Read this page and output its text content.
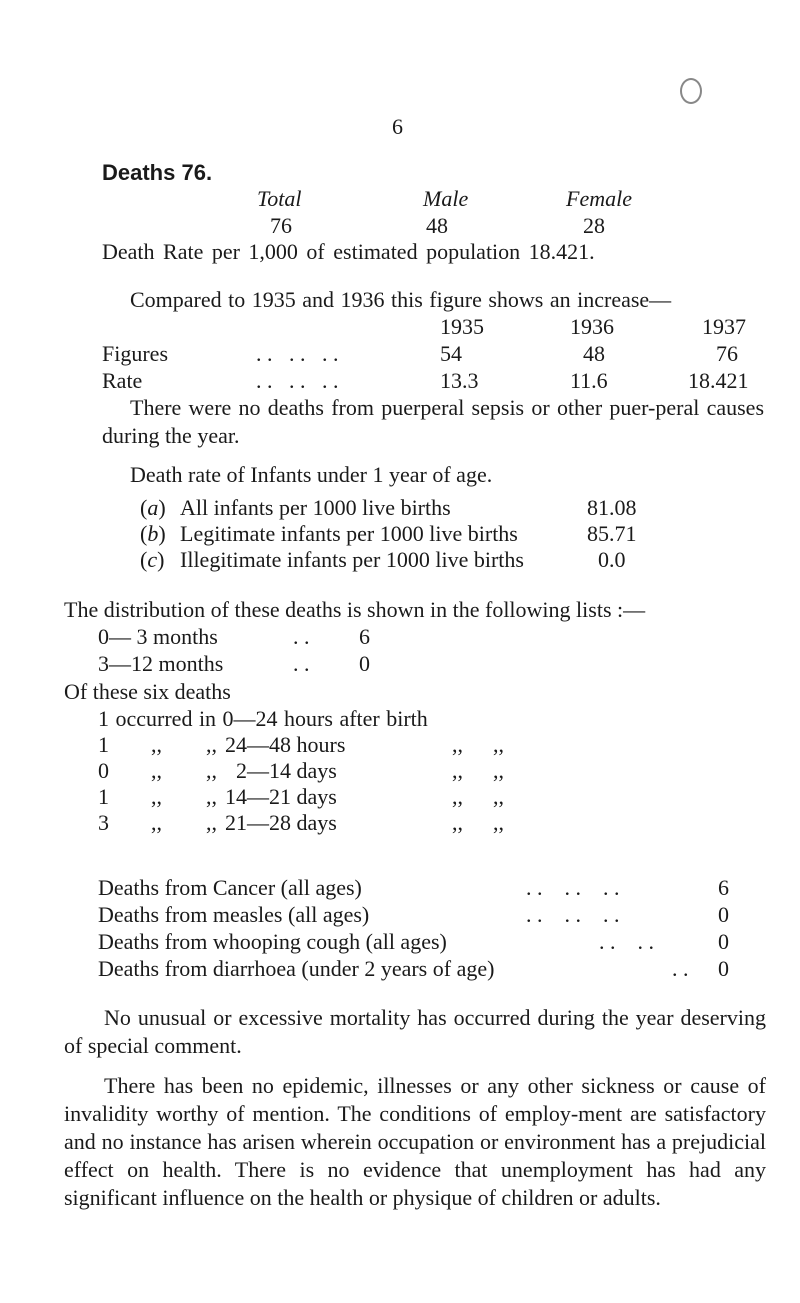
6
Deaths 76.
Total	Male	Female
76	48	28
Death Rate per 1,000 of estimated population 18.421.
Compared to 1935 and 1936 this figure shows an increase—
1935	1936	1937
Figures	. .   . .   . .	54	48	76
Rate	. .   . .   . .	13.3	11.6	18.421
There were no deaths from puerperal sepsis or other puer-peral causes during the year.
Death rate of Infants under 1 year of age.
(a) All infants per 1000 live births	81.08
(b) Legitimate infants per 1000 live births	85.71
(c) Illegitimate infants per 1000 live births	0.0
The distribution of these deaths is shown in the following lists :—
0— 3 months	. . 6
3—12 months	. . 0
Of these six deaths
1 occurred in 0—24 hours after birth
1 ,, ,, 24—48 hours	,, ,,
0 ,, ,, 2—14 days	,, ,,
1 ,, ,, 14—21 days	,, ,,
3 ,, ,, 21—28 days	,, ,,
Deaths from Cancer (all ages)	. .    . .    . .	6
Deaths from measles (all ages)	. .    . .    . .	0
Deaths from whooping cough (all ages)	. .    . .	0
Deaths from diarrhoea (under 2 years of age)	. . 0
No unusual or excessive mortality has occurred during the year deserving of special comment.
There has been no epidemic, illnesses or any other sickness or cause of invalidity worthy of mention. The conditions of employ-ment are satisfactory and no instance has arisen wherein occupation or environment has a prejudicial effect on health. There is no evidence that unemployment has had any significant influence on the health or physique of children or adults.
